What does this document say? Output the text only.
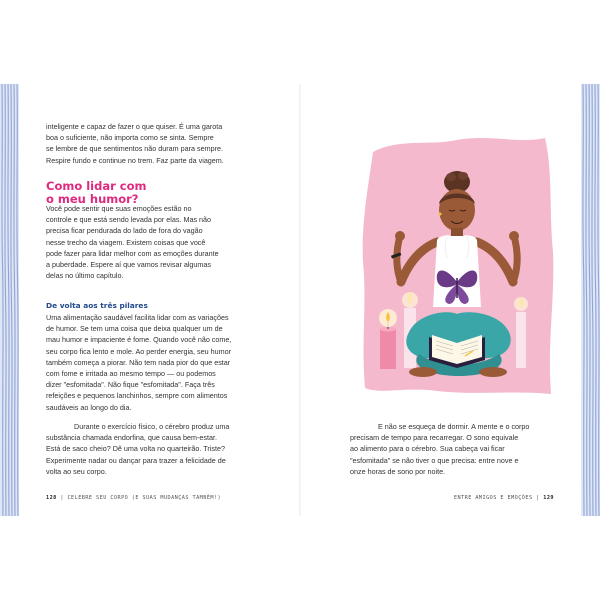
inteligente e capaz de fazer o que quiser. É uma garota
boa o suficiente, não importa como se sinta. Sempre
se lembre de que sentimentos não duram para sempre.
Respire fundo e continue no trem. Faz parte da viagem.

Como lidar com
o meu humor?

Você pode sentir que suas emoções estão no
controle e que está sendo levada por elas. Mas não
precisa ficar pendurada do lado de fora do vagão
nesse trecho da viagem. Existem coisas que você
pode fazer para lidar melhor com as emoções durante
a puberdade. Espere aí que vamos revisar algumas
delas no último capítulo.

De volta aos três pilares

Uma alimentação saudável facilita lidar com as variações
de humor. Se tem uma coisa que deixa qualquer um de
mau humor e impaciente é fome. Quando você não come,
seu corpo fica lento e mole. Ao perder energia, seu humor
também começa a piorar. Não tem nada pior do que estar
com fome e irritada ao mesmo tempo — ou podemos
dizer "esfomitada". Não fique "esfomitada". Faça três
refeições e pequenos lanchinhos, sempre com alimentos
saudáveis ao longo do dia.

Durante o exercício físico, o cérebro produz uma
substância chamada endorfina, que causa bem-estar.
Está de saco cheio? Dê uma volta no quarteirão. Triste?
Experimente nadar ou dançar para trazer a felicidade de
volta ao seu corpo.

128 | CELEBRE SEU CORPO (E SUAS MUDANÇAS TAMBÉM!)

E não se esqueça de dormir. A mente e o corpo
precisam de tempo para recarregar. O sono equivale
ao alimento para o cérebro. Sua cabeça vai ficar
"esfomitada" se não tiver o que precisa: entre nove e
onze horas de sono por noite.

ENTRE AMIGOS E EMOÇÕES | 129
